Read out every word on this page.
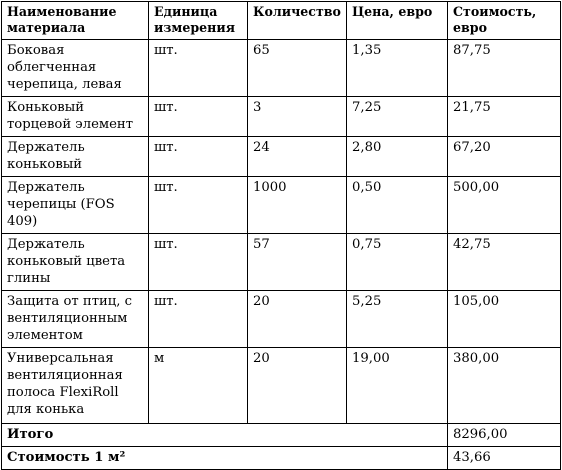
Наименование материала	Единица измерения	Количество	Цена, евро	Стоимость, евро
Боковая облегченная черепица, левая	шт.	65	1,35	87,75
Коньковый торцевой элемент	шт.	3	7,25	21,75
Держатель коньковый	шт.	24	2,80	67,20
Держатель черепицы (FOS 409)	шт.	1000	0,50	500,00
Держатель коньковый цвета глины	шт.	57	0,75	42,75
Защита от птиц, с вентиляционным элементом	шт.	20	5,25	105,00
Универсальная вентиляционная полоса FlexiRoll для конька	м	20	19,00	380,00
Итого				8296,00
Стоимость 1 м²				43,66
